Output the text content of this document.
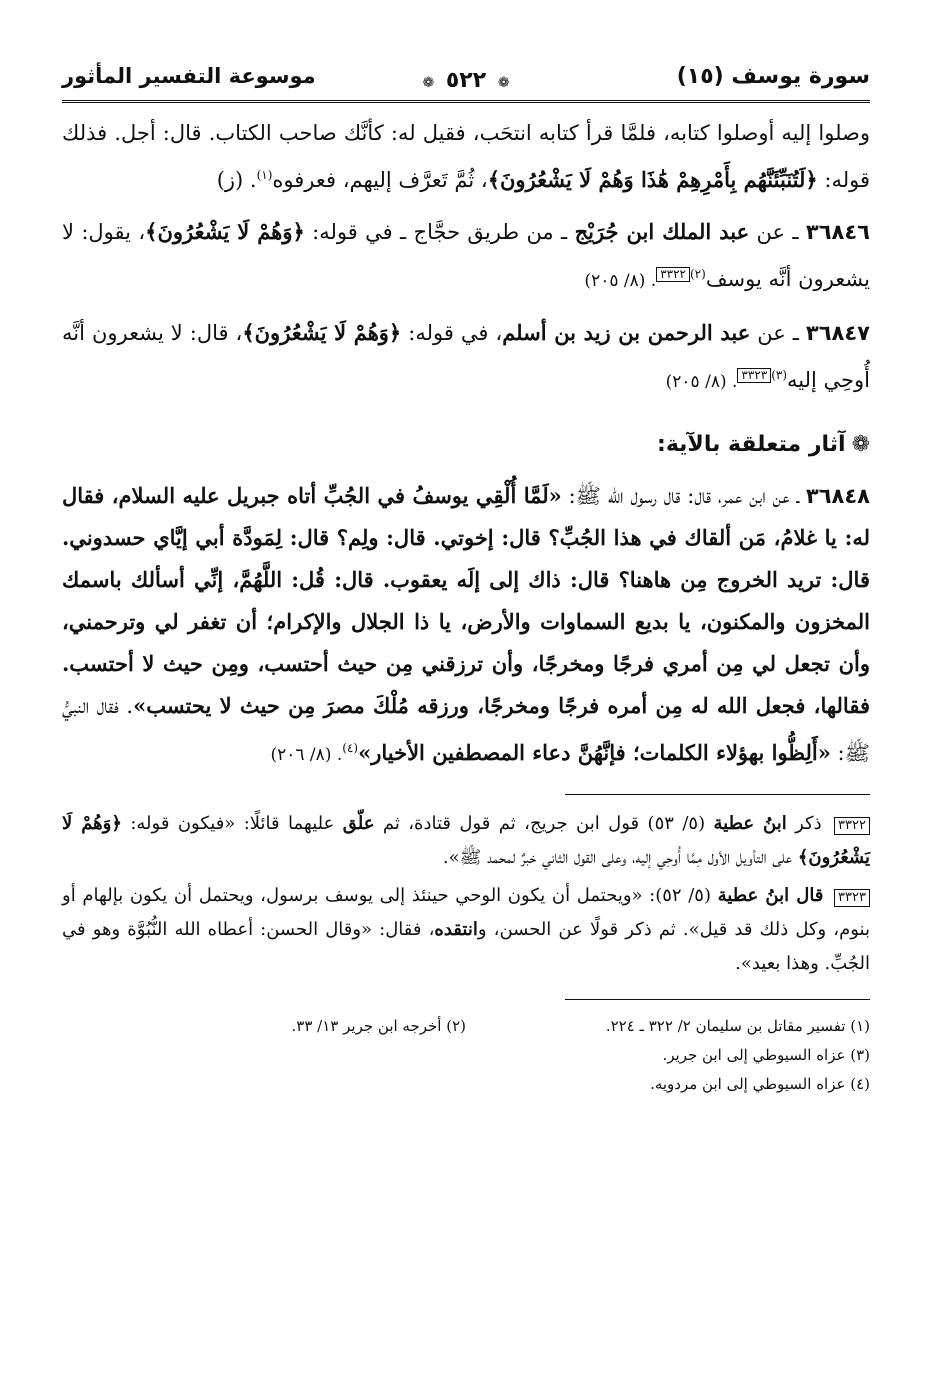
سورة يوسف (١٥)
❁ ٥٢٢ ❁
موسوعة التفسير المأثور

وصلوا إليه أوصلوا كتابه، فلمَّا قرأ كتابه انتحَب، فقيل له: كأنَّك صاحب الكتاب. قال: أجل. فذلك قوله: ﴿لَتُنَبِّئَنَّهُم بِأَمْرِهِمْ هَٰذَا وَهُمْ لَا يَشْعُرُونَ﴾، ثُمَّ تَعرَّف إليهم، فعرفوه$^{(١)}$. (ز)

٣٦٨٤٦ ـ عن عبد الملك ابن جُرَيْج ـ من طريق حجَّاج ـ في قوله: ﴿وَهُمْ لَا يَشْعُرُونَ﴾، يقول: لا يشعرون أنَّه يوسف$^{(٢)}$٣٣٢٢. (٨/ ٢٠٥)

٣٦٨٤٧ ـ عن عبد الرحمن بن زيد بن أسلم، في قوله: ﴿وَهُمْ لَا يَشْعُرُونَ﴾، قال: لا يشعرون أنَّه أُوحِي إليه$^{(٣)}$٣٣٢٣. (٨/ ٢٠٥)

❁آثار متعلقة بالآية:

٣٦٨٤٨ ـ عن ابن عمر، قال: قال رسول الله ﷺ: «لَمَّا أُلْقِي يوسفُ في الجُبِّ أتاه جبريل عليه السلام، فقال له: يا غلامُ، مَن ألقاك في هذا الجُبِّ؟ قال: إخوتي. قال: ولِم؟ قال: لِمَودَّة أبي إيَّاي حسدوني. قال: تريد الخروج مِن هاهنا؟ قال: ذاك إلى إلَه يعقوب. قال: قُل: اللَّهُمَّ، إنِّي أسألك باسمك المخزون والمكنون، يا بديع السماوات والأرض، يا ذا الجلال والإكرام؛ أن تغفر لي وترحمني، وأن تجعل لي مِن أمري فرجًا ومخرجًا، وأن ترزقني مِن حيث أحتسب، ومِن حيث لا أحتسب. فقالها، فجعل الله له مِن أمره فرجًا ومخرجًا، ورزقه مُلْكَ مصرَ مِن حيث لا يحتسب». فقال النبيُّ ﷺ: «أَلِظُّوا بهؤلاء الكلمات؛ فإنَّهُنَّ دعاء المصطفين الأخيار»$^{(٤)}$. (٨/ ٢٠٦)

٣٣٢٢ ذكر ابنُ عطية (٥/ ٥٣) قول ابن جريج، ثم قول قتادة، ثم علّق عليهما قائلًا: «فيكون قوله: ﴿وَهُمْ لَا يَشْعُرُونَ﴾ على التأويل الأول مِمَّا أُوحِي إليه، وعلى القول الثاني خبرٌ لمحمد ﷺ».
٣٣٢٣ قال ابنُ عطية (٥/ ٥٢): «ويحتمل أن يكون الوحي حينئذ إلى يوسف برسول، ويحتمل أن يكون بإلهام أو بنوم، وكل ذلك قد قيل». ثم ذكر قولًا عن الحسن، وانتقده، فقال: «وقال الحسن: أعطاه الله النُّبُوَّة وهو في الجُبِّ. وهذا بعيد».
(١) تفسير مقاتل بن سليمان ٢/ ٣٢٢ ـ ٢٢٤.
(٢) أخرجه ابن جرير ١٣/ ٣٣.
(٣) عزاه السيوطي إلى ابن جرير.
(٤) عزاه السيوطي إلى ابن مردويه.
